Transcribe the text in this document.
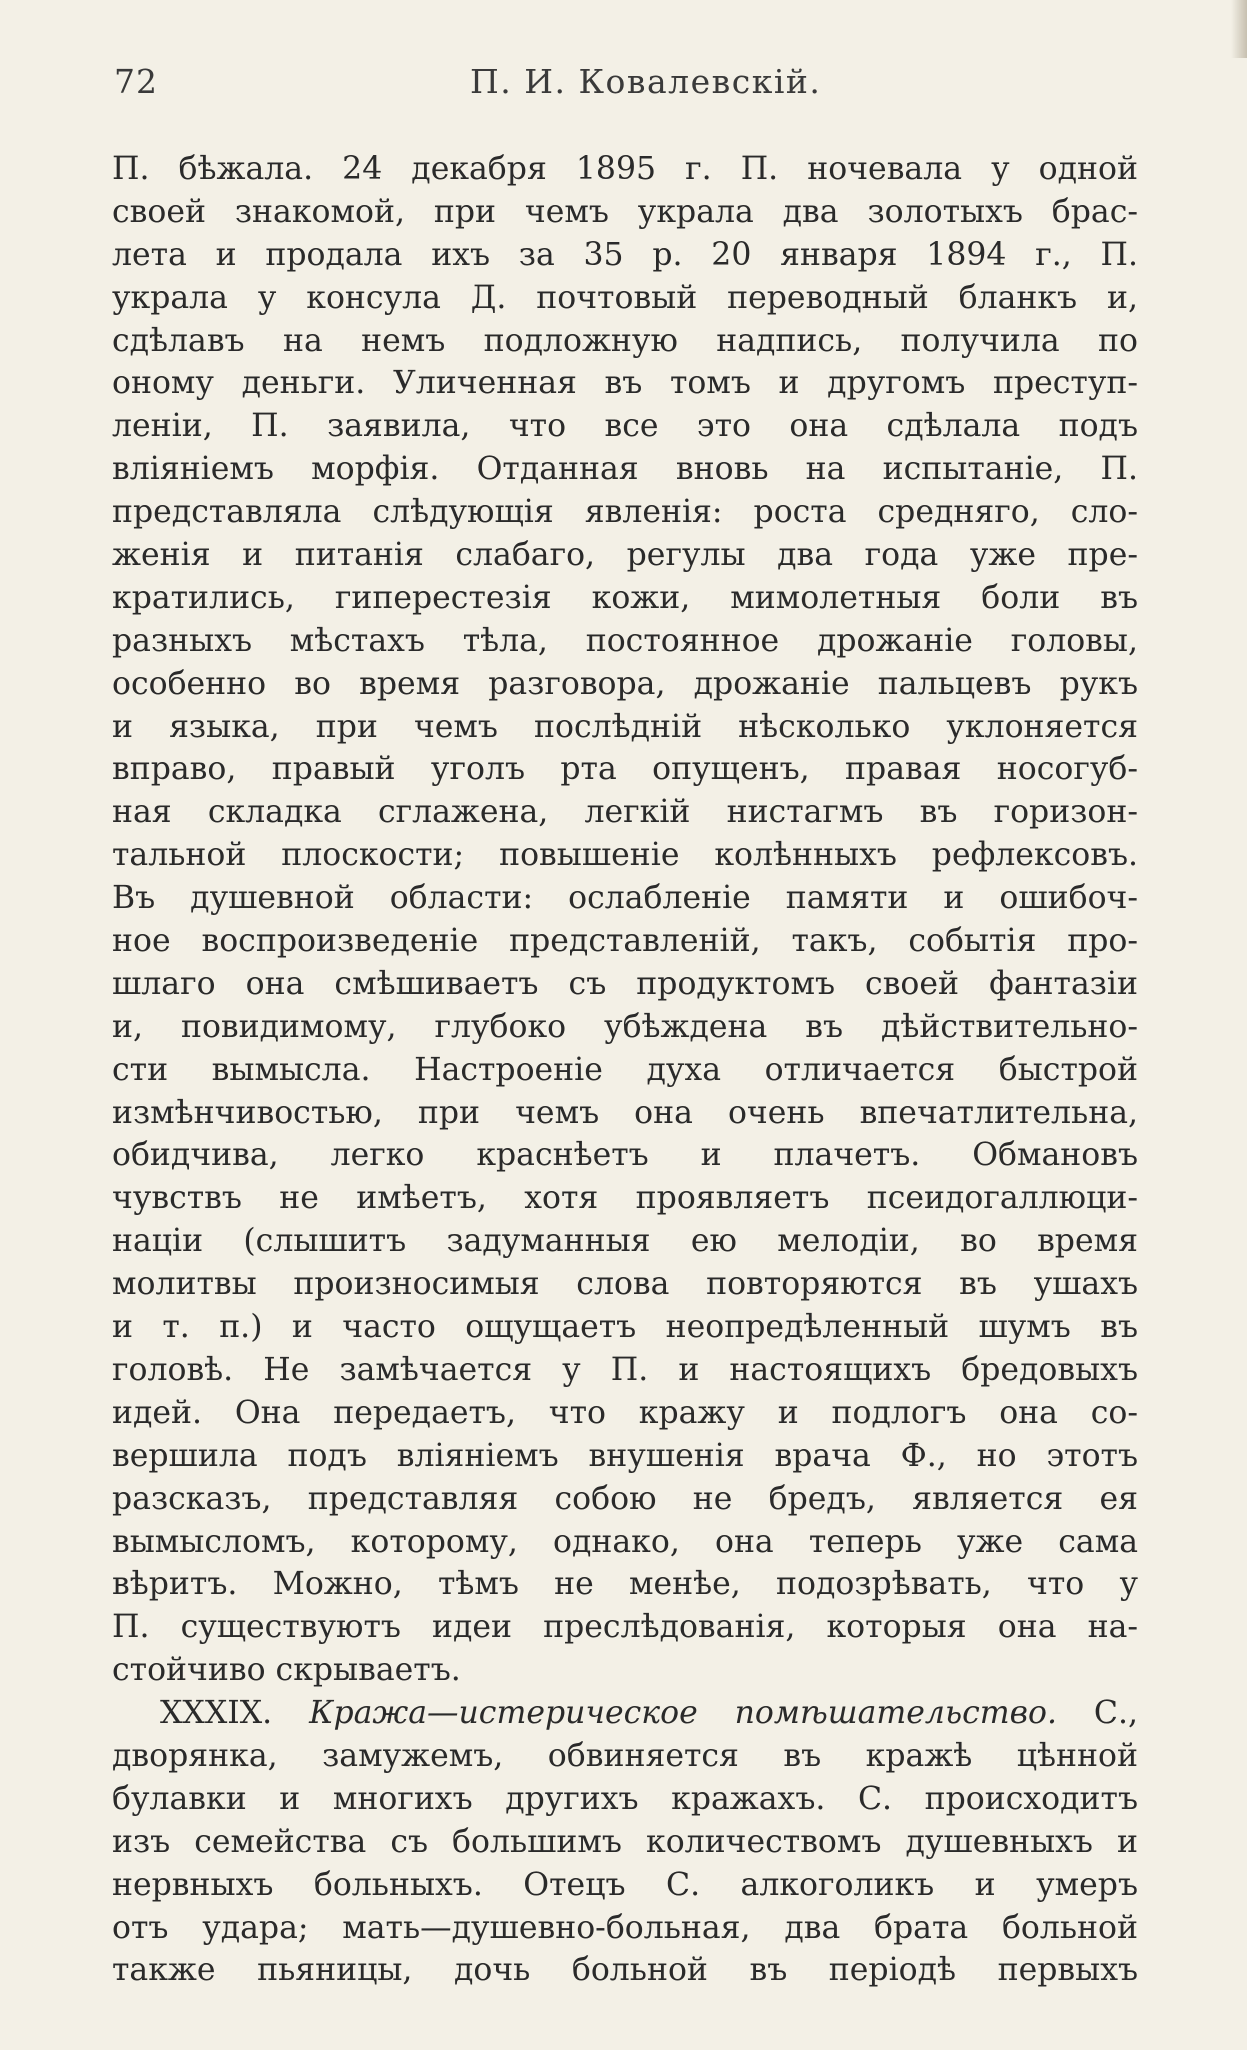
72	П. И. Ковалевскій.
П. бѣжала. 24 декабря 1895 г. П. ночевала у одной
своей знакомой, при чемъ украла два золотыхъ брас-
лета и продала ихъ за 35 р. 20 января 1894 г., П.
украла у консула Д. почтовый переводный бланкъ и,
сдѣлавъ на немъ подложную надпись, получила по
оному деньги. Уличенная въ томъ и другомъ преступ-
леніи, П. заявила, что все это она сдѣлала подъ
вліяніемъ морфія. Отданная вновь на испытаніе, П.
представляла слѣдующія явленія: роста средняго, сло-
женія и питанія слабаго, регулы два года уже пре-
кратились, гиперестезія кожи, мимолетныя боли въ
разныхъ мѣстахъ тѣла, постоянное дрожаніе головы,
особенно во время разговора, дрожаніе пальцевъ рукъ
и языка, при чемъ послѣдній нѣсколько уклоняется
вправо, правый уголъ рта опущенъ, правая носогуб-
ная складка сглажена, легкій нистагмъ въ горизон-
тальной плоскости; повышеніе колѣнныхъ рефлексовъ.
Въ душевной области: ослабленіе памяти и ошибоч-
ное воспроизведеніе представленій, такъ, событія про-
шлаго она смѣшиваетъ съ продуктомъ своей фантазіи
и, повидимому, глубоко убѣждена въ дѣйствительно-
сти вымысла. Настроеніе духа отличается быстрой
измѣнчивостью, при чемъ она очень впечатлительна,
обидчива, легко краснѣетъ и плачетъ. Обмановъ
чувствъ не имѣетъ, хотя проявляетъ псеидогаллюци-
націи (слышитъ задуманныя ею мелодіи, во время
молитвы произносимыя слова повторяются въ ушахъ
и т. п.) и часто ощущаетъ неопредѣленный шумъ въ
головѣ. Не замѣчается у П. и настоящихъ бредовыхъ
идей. Она передаетъ, что кражу и подлогъ она со-
вершила подъ вліяніемъ внушенія врача Ф., но этотъ
разсказъ, представляя собою не бредъ, является ея
вымысломъ, которому, однако, она теперь уже сама
вѣритъ. Можно, тѣмъ не менѣе, подозрѣвать, что у
П. существуютъ идеи преслѣдованія, которыя она на-
стойчиво скрываетъ.
XXXIX. Кража—истерическое помѣшательство. С.,
дворянка, замужемъ, обвиняется въ кражѣ цѣнной
булавки и многихъ другихъ кражахъ. С. происходитъ
изъ семейства съ большимъ количествомъ душевныхъ и
нервныхъ больныхъ. Отецъ С. алкоголикъ и умеръ
отъ удара; мать—душевно-больная, два брата больной
также пьяницы, дочь больной въ періодѣ первыхъ
